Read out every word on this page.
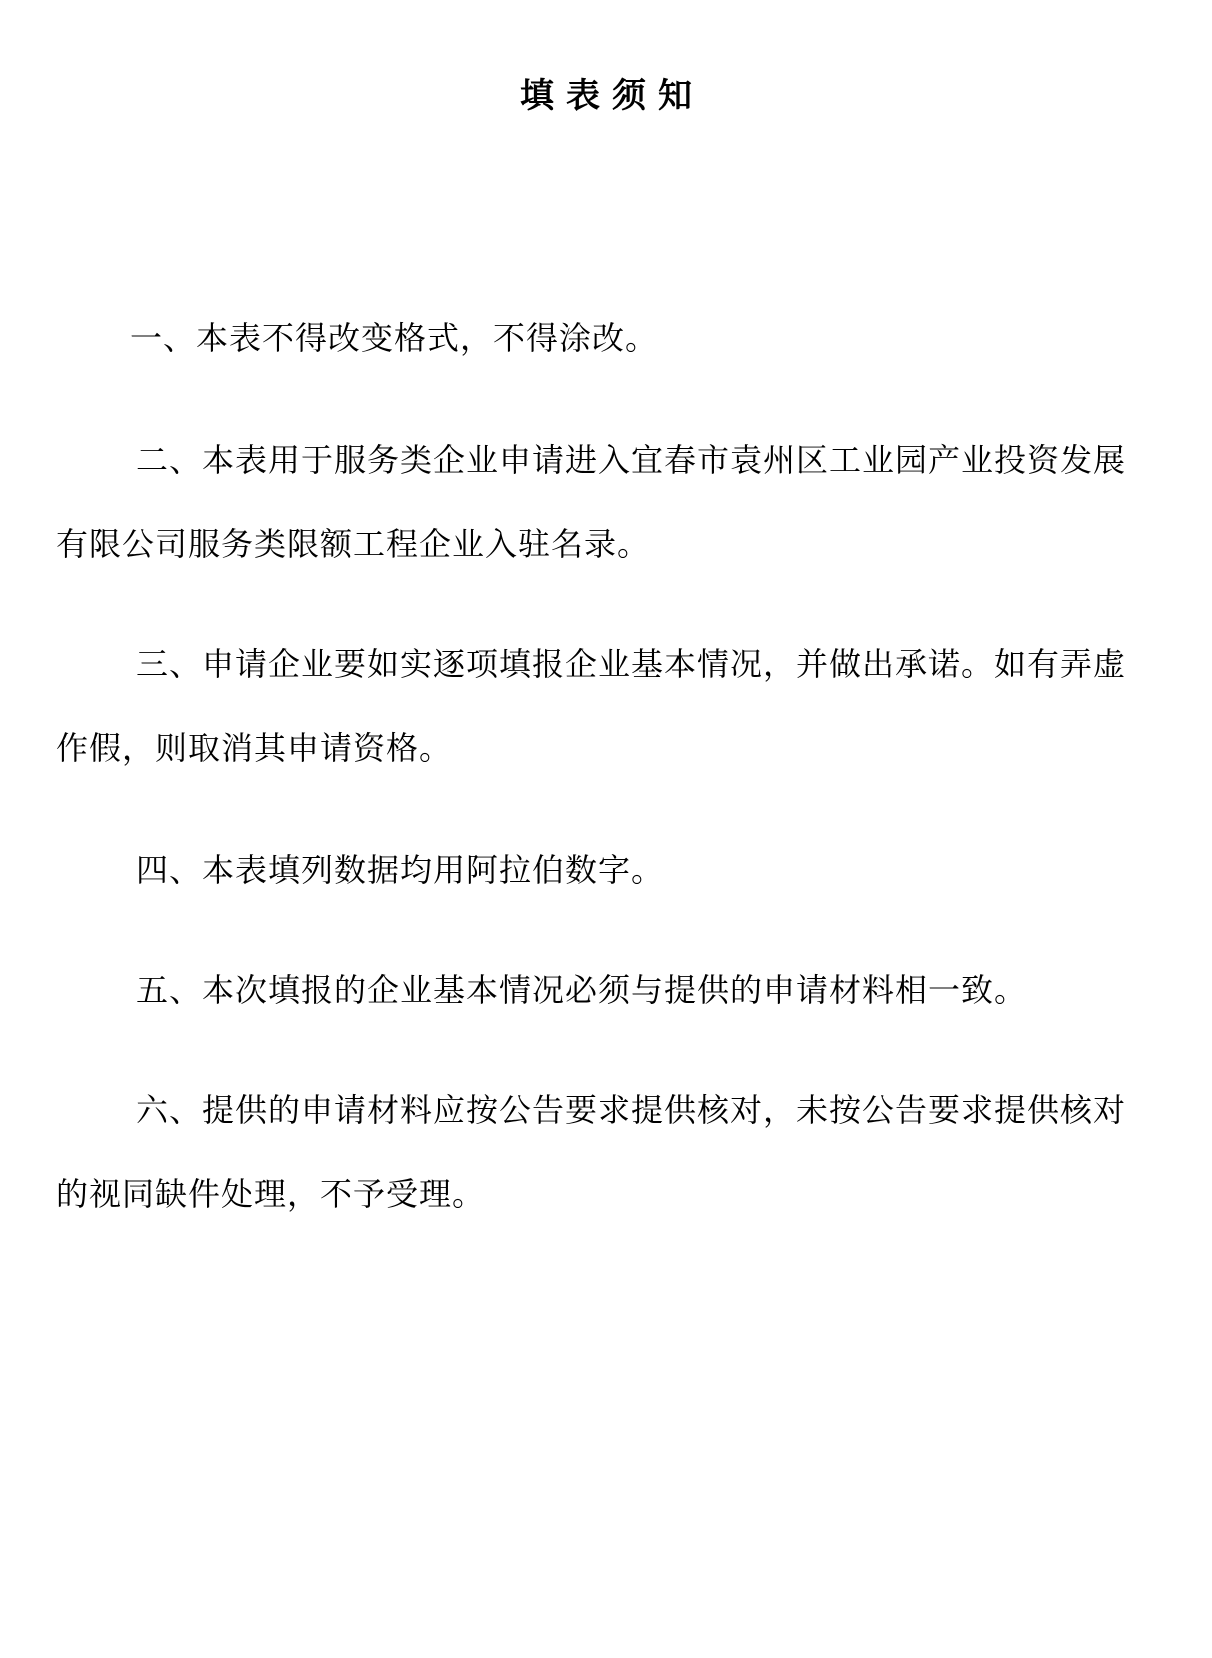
填表须知

一、本表不得改变格式，不得涂改。

二、本表用于服务类企业申请进入宜春市袁州区工业园产业投资发展有限公司服务类限额工程企业入驻名录。

三、申请企业要如实逐项填报企业基本情况，并做出承诺。如有弄虚作假，则取消其申请资格。

四、本表填列数据均用阿拉伯数字。

五、本次填报的企业基本情况必须与提供的申请材料相一致。

六、提供的申请材料应按公告要求提供核对，未按公告要求提供核对的视同缺件处理，不予受理。
